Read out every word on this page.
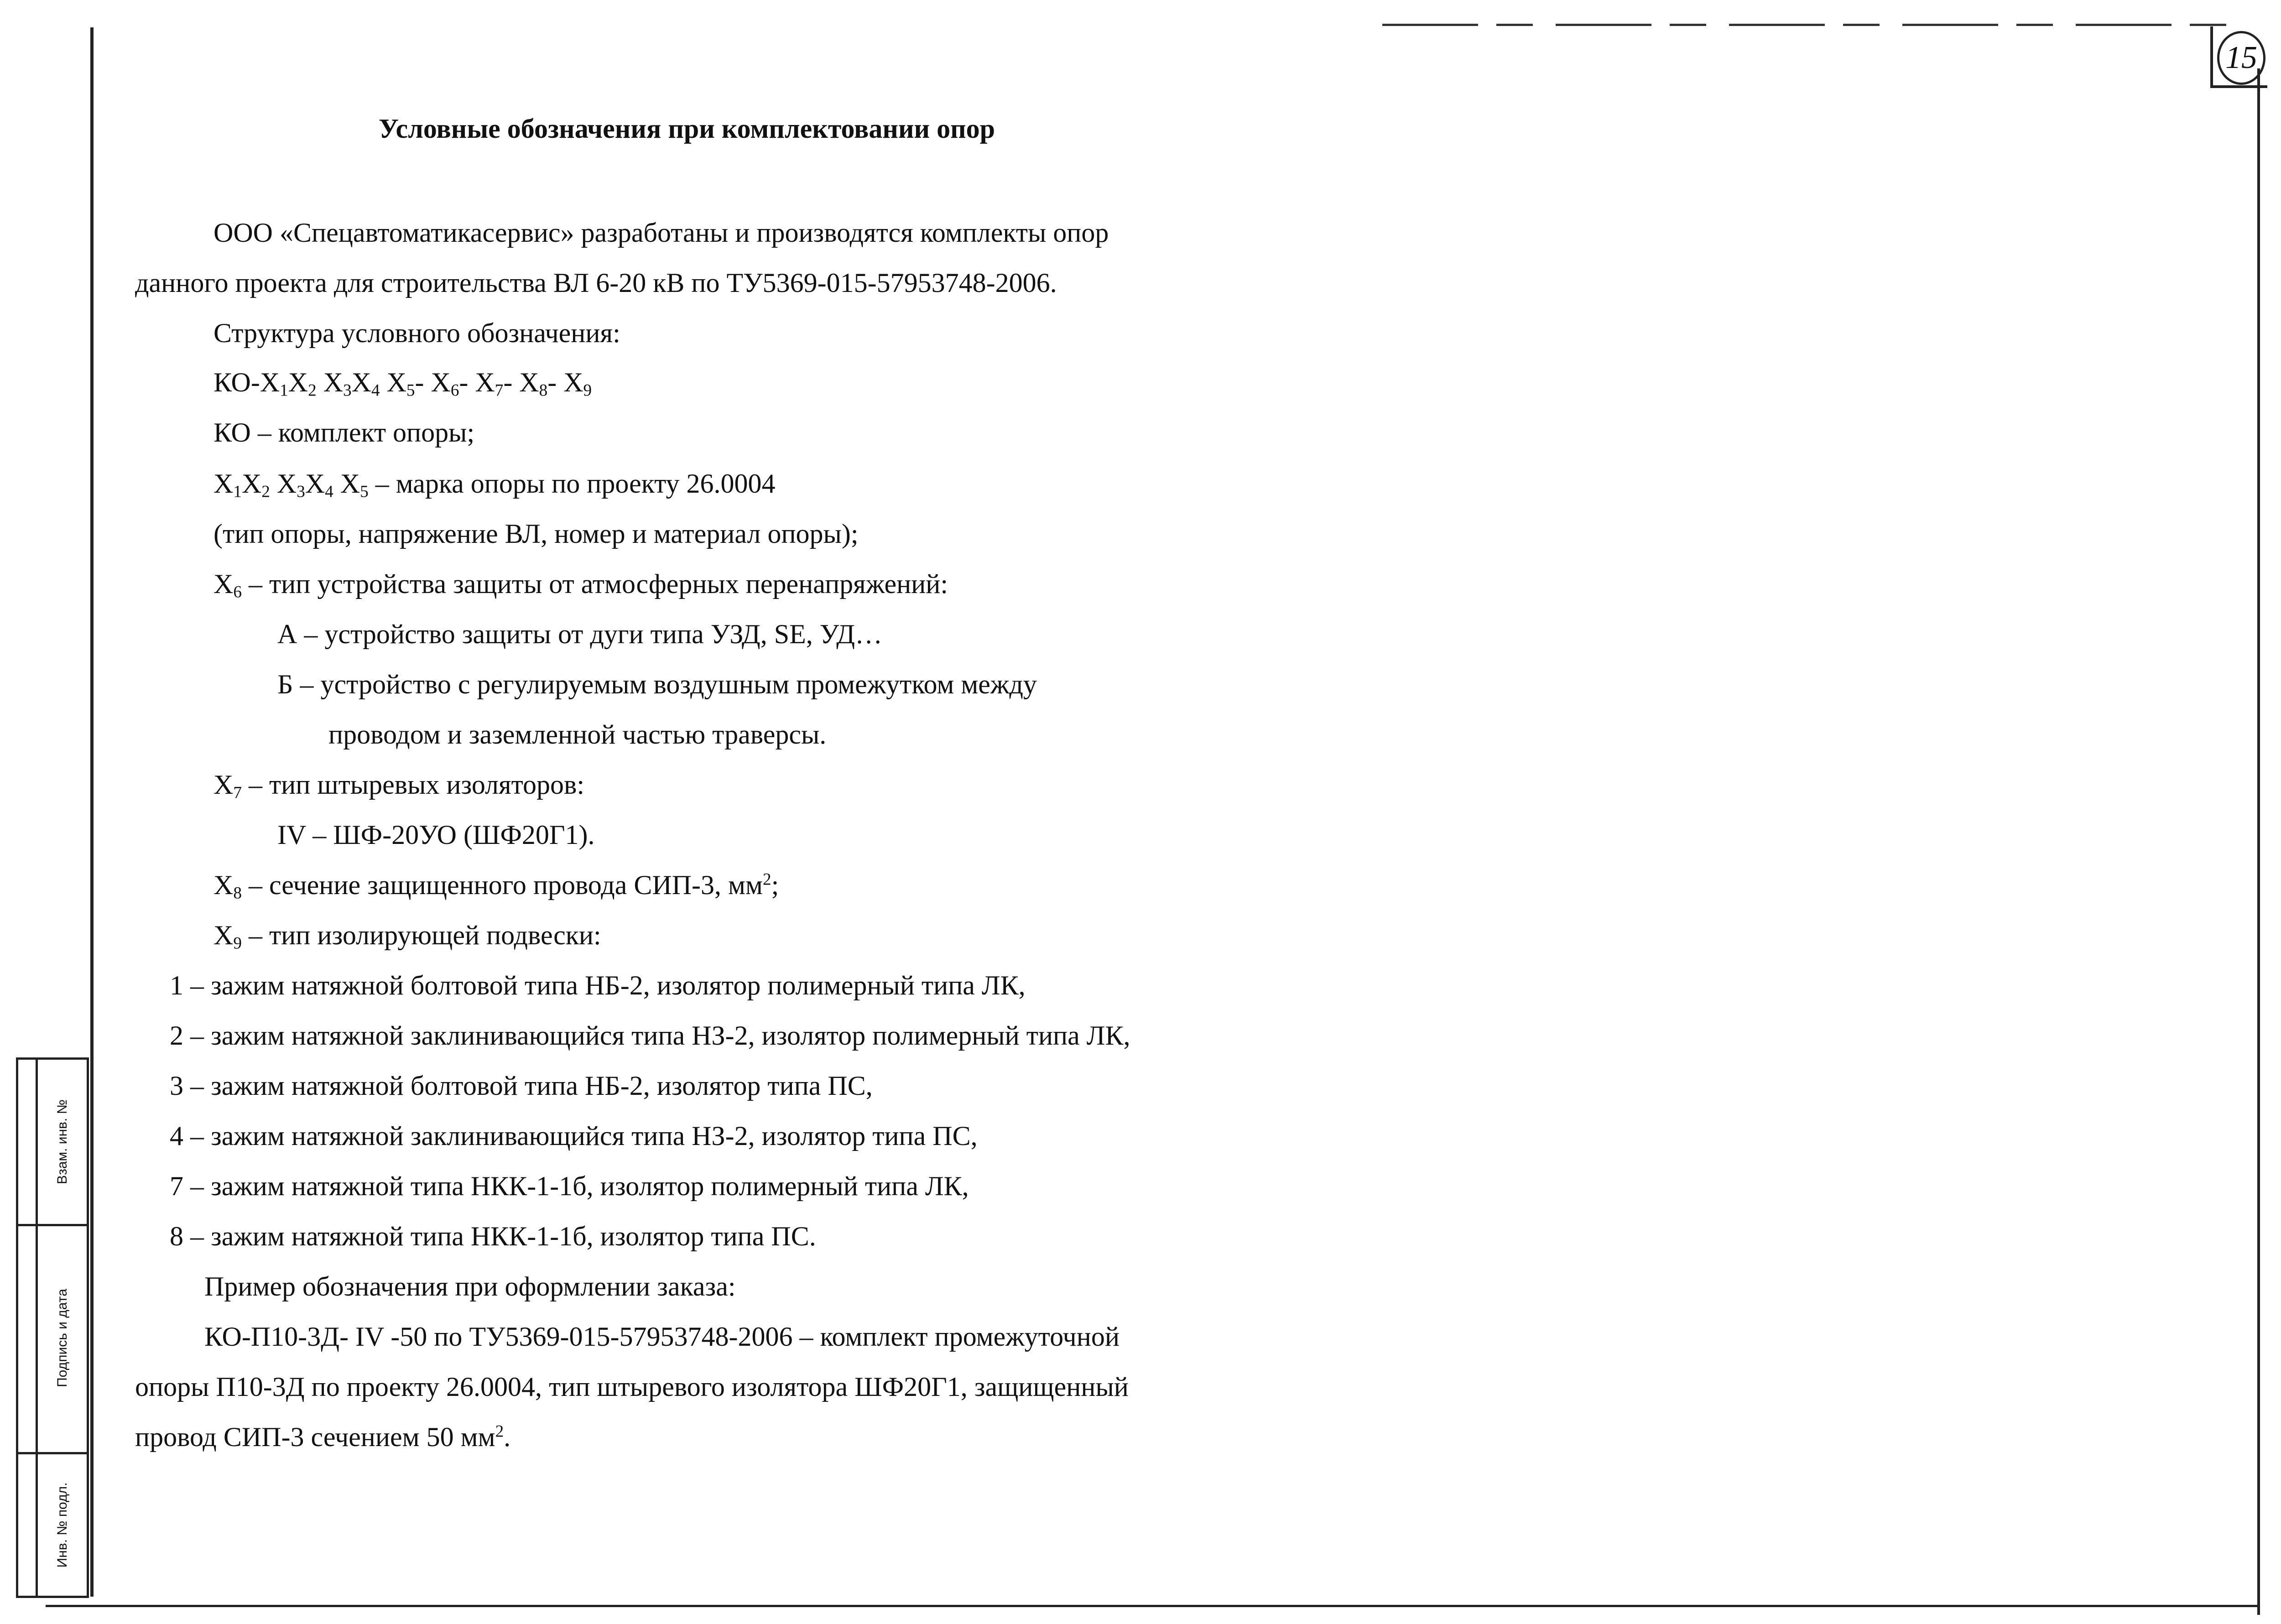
15
Взам. инв. №
Подпись и дата
Инв. № подл.
Условные обозначения при комплектовании опор
ООО «Спецавтоматикасервис» разработаны и производятся комплекты опор
данного проекта для строительства ВЛ 6-20 кВ по ТУ5369-015-57953748-2006.
Структура условного обозначения:
$КО-Х_1Х_2$ $Х_3Х_4$ $Х_5-$ $Х_6-$ $Х_7-$ $Х_8-$ $Х_9$
КО – комплект опоры;
$Х_1Х_2$ $Х_3Х_4$ $Х_5$ – марка опоры по проекту 26.0004
(тип опоры, напряжение ВЛ, номер и материал опоры);
$Х_6$ – тип устройства защиты от атмосферных перенапряжений:
А – устройство защиты от дуги типа УЗД, SE, УД…
Б – устройство с регулируемым воздушным промежутком между
проводом и заземленной частью траверсы.
$Х_7$ – тип штыревых изоляторов:
IV – ШФ-20УО (ШФ20Г1).
$Х_8$ – сечение защищенного провода СИП-3, $мм^2$;
$Х_9$ – тип изолирующей подвески:
1 – зажим натяжной болтовой типа НБ-2, изолятор полимерный типа ЛК,
2 – зажим натяжной заклинивающийся типа НЗ-2, изолятор полимерный типа ЛК,
3 – зажим натяжной болтовой типа НБ-2, изолятор типа ПС,
4 – зажим натяжной заклинивающийся типа НЗ-2, изолятор типа ПС,
7 – зажим натяжной типа НКК-1-1б, изолятор полимерный типа ЛК,
8 – зажим натяжной типа НКК-1-1б, изолятор типа ПС.
Пример обозначения при оформлении заказа:
КО-П10-3Д- IV -50 по ТУ5369-015-57953748-2006 – комплект промежуточной
опоры П10-3Д по проекту 26.0004, тип штыревого изолятора ШФ20Г1, защищенный
провод СИП-3 сечением 50 $мм^2$.
